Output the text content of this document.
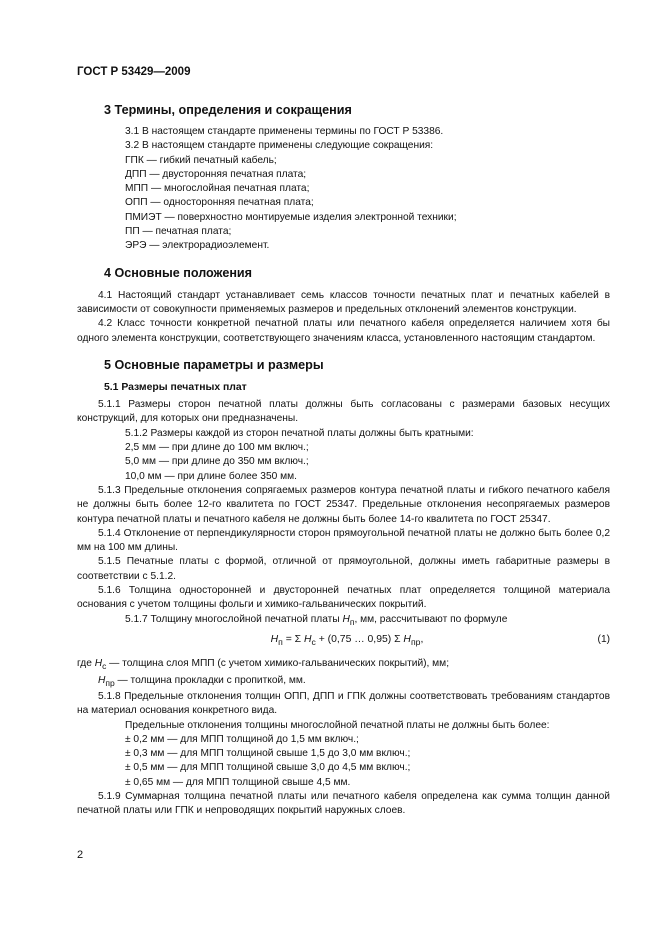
ГОСТ Р 53429—2009
3 Термины, определения и сокращения

3.1 В настоящем стандарте применены термины по ГОСТ Р 53386.

3.2 В настоящем стандарте применены следующие сокращения:

ГПК — гибкий печатный кабель;

ДПП — двусторонняя печатная плата;

МПП — многослойная печатная плата;

ОПП — односторонняя печатная плата;

ПМИЭТ — поверхностно монтируемые изделия электронной техники;

ПП — печатная плата;

ЭРЭ — электрорадиоэлемент.

4 Основные положения

4.1 Настоящий стандарт устанавливает семь классов точности печатных плат и печатных кабелей в зависимости от совокупности применяемых размеров и предельных отклонений элементов конструкции.

4.2 Класс точности конкретной печатной платы или печатного кабеля определяется наличием хотя бы одного элемента конструкции, соответствующего значениям класса, установленного настоящим стандартом.

5 Основные параметры и размеры
5.1 Размеры печатных плат

5.1.1 Размеры сторон печатной платы должны быть согласованы с размерами базовых несущих конструкций, для которых они предназначены.

5.1.2 Размеры каждой из сторон печатной платы должны быть кратными:

2,5 мм — при длине до 100 мм включ.;

5,0 мм — при длине до 350 мм включ.;

10,0 мм — при длине более 350 мм.

5.1.3 Предельные отклонения сопрягаемых размеров контура печатной платы и гибкого печатного кабеля не должны быть более 12-го квалитета по ГОСТ 25347. Предельные отклонения несопрягаемых размеров контура печатной платы и печатного кабеля не должны быть более 14-го квалитета по ГОСТ 25347.

5.1.4 Отклонение от перпендикулярности сторон прямоугольной печатной платы не должно быть более 0,2 мм на 100 мм длины.

5.1.5 Печатные платы с формой, отличной от прямоугольной, должны иметь габаритные размеры в соответствии с 5.1.2.

5.1.6 Толщина односторонней и двусторонней печатных плат определяется толщиной материала основания с учетом толщины фольги и химико-гальванических покрытий.

5.1.7 Толщину многослойной печатной платы $H_п$, мм, рассчитывают по формуле

$H_п = \Sigma$ $H_с + (0,75$ … 0,95) Σ $H_{пр}$,	(1)

где $H_с$ — толщина слоя МПП (с учетом химико-гальванических покрытий), мм;

$H_{пр}$ — толщина прокладки с пропиткой, мм.

5.1.8 Предельные отклонения толщин ОПП, ДПП и ГПК должны соответствовать требованиям стандартов на материал основания конкретного вида.

Предельные отклонения толщины многослойной печатной платы не должны быть более:

± 0,2 мм — для МПП толщиной до 1,5 мм включ.;

± 0,3 мм — для МПП толщиной свыше 1,5 до 3,0 мм включ.;

± 0,5 мм — для МПП толщиной свыше 3,0 до 4,5 мм включ.;

± 0,65 мм — для МПП толщиной свыше 4,5 мм.

5.1.9 Суммарная толщина печатной платы или печатного кабеля определена как сумма толщин данной печатной платы или ГПК и непроводящих покрытий наружных слоев.

2
